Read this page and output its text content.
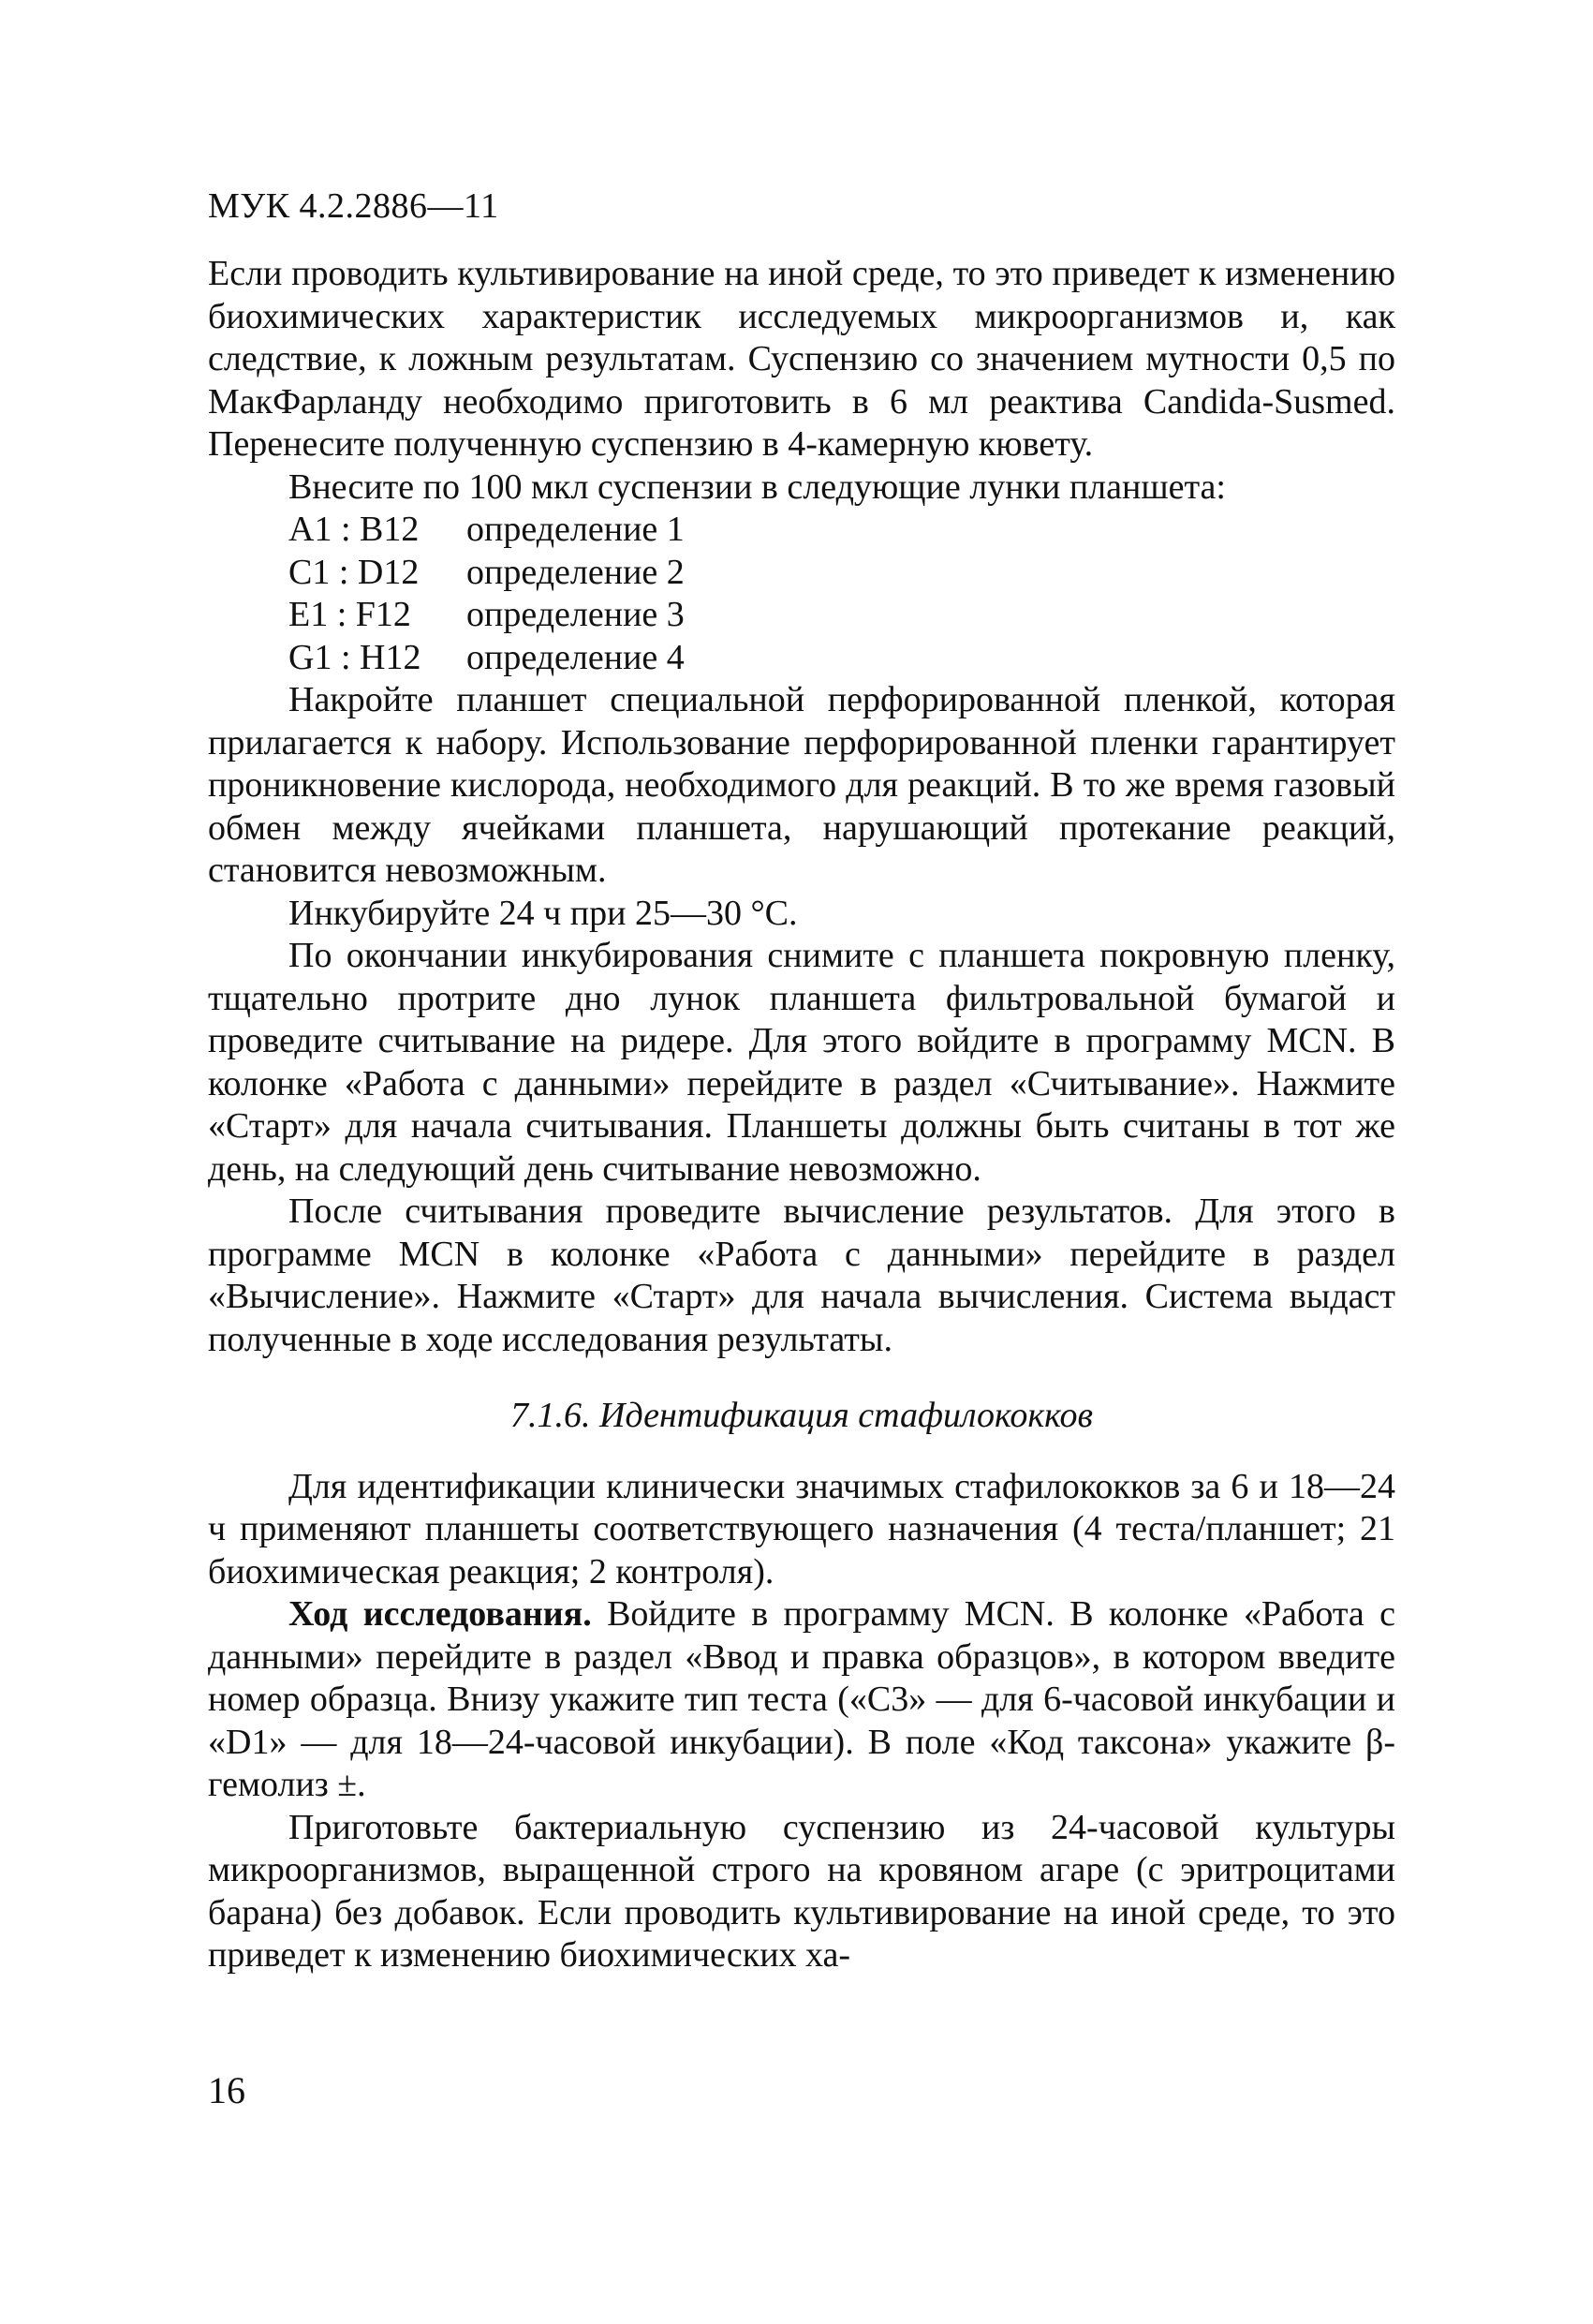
МУК 4.2.2886—11

Если проводить культивирование на иной среде, то это приведет к изменению биохимических характеристик исследуемых микроорганизмов и, как следствие, к ложным результатам. Суспензию со значением мутности 0,5 по МакФарланду необходимо приготовить в 6 мл реактива Candida-Susmed. Перенесите полученную суспензию в 4-камерную кювету.

Внесите по 100 мкл суспензии в следующие лунки планшета:

A1 : B12	определение 1
C1 : D12	определение 2
E1 : F12	определение 3
G1 : H12	определение 4

Накройте планшет специальной перфорированной пленкой, которая прилагается к набору. Использование перфорированной пленки гарантирует проникновение кислорода, необходимого для реакций. В то же время газовый обмен между ячейками планшета, нарушающий протекание реакций, становится невозможным.

Инкубируйте 24 ч при 25—30 °С.

По окончании инкубирования снимите с планшета покровную пленку, тщательно протрите дно лунок планшета фильтровальной бумагой и проведите считывание на ридере. Для этого войдите в программу MCN. В колонке «Работа с данными» перейдите в раздел «Считывание». Нажмите «Старт» для начала считывания. Планшеты должны быть считаны в тот же день, на следующий день считывание невозможно.

После считывания проведите вычисление результатов. Для этого в программе MCN в колонке «Работа с данными» перейдите в раздел «Вычисление». Нажмите «Старт» для начала вычисления. Система выдаст полученные в ходе исследования результаты.

7.1.6. Идентификация стафилококков

Для идентификации клинически значимых стафилококков за 6 и 18—24 ч применяют планшеты соответствующего назначения (4 теста/планшет; 21 биохимическая реакция; 2 контроля).

Ход исследования. Войдите в программу MCN. В колонке «Работа с данными» перейдите в раздел «Ввод и правка образцов», в котором введите номер образца. Внизу укажите тип теста («С3» — для 6-часовой инкубации и «D1» — для 18—24-часовой инкубации). В поле «Код таксона» укажите β-гемолиз ±.

Приготовьте бактериальную суспензию из 24-часовой культуры микроорганизмов, выращенной строго на кровяном агаре (с эритроцитами барана) без добавок. Если проводить культивирование на иной среде, то это приведет к изменению биохимических ха-

16
